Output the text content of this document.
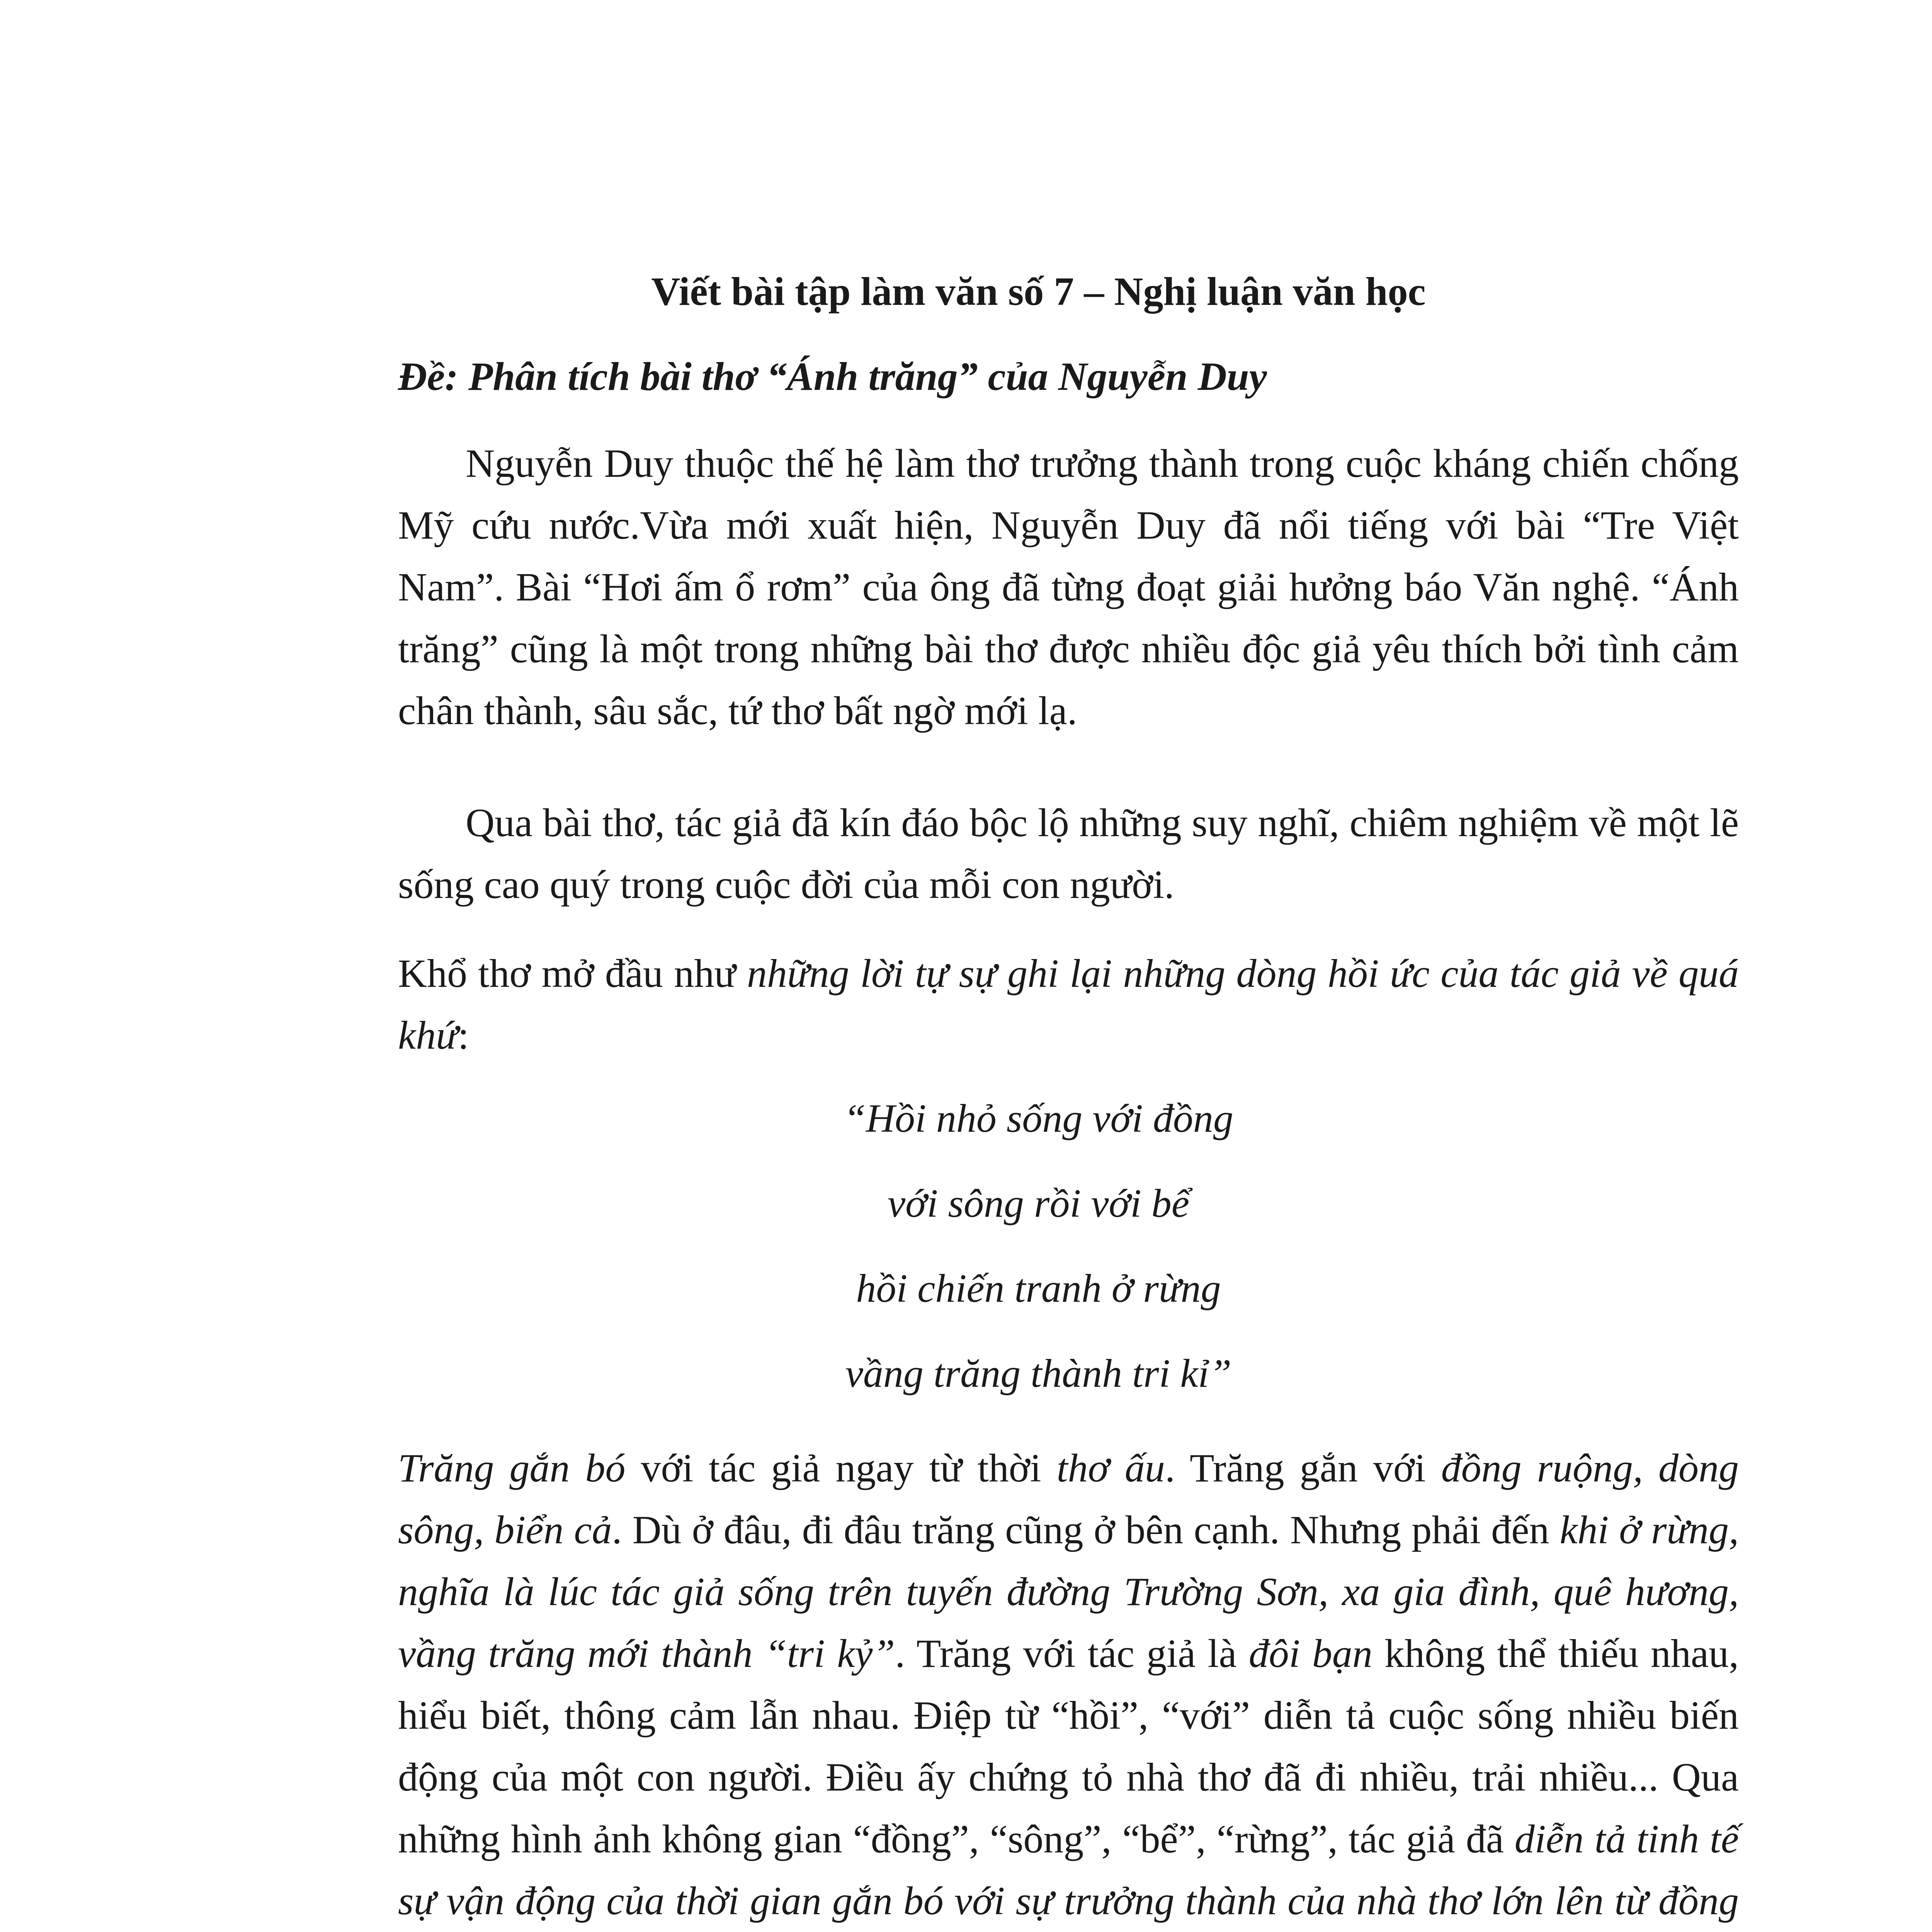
Viết bài tập làm văn số 7 – Nghị luận văn học
Đề: Phân tích bài thơ “Ánh trăng” của Nguyễn Duy

Nguyễn Duy thuộc thế hệ làm thơ trưởng thành trong cuộc kháng chiến chống Mỹ cứu nước.Vừa mới xuất hiện, Nguyễn Duy đã nổi tiếng với bài “Tre Việt Nam”. Bài “Hơi ấm ổ rơm” của ông đã từng đoạt giải hưởng báo Văn nghệ. “Ánh trăng” cũng là một trong những bài thơ được nhiều độc giả yêu thích bởi tình cảm chân thành, sâu sắc, tứ thơ bất ngờ mới lạ.

Qua bài thơ, tác giả đã kín đáo bộc lộ những suy nghĩ, chiêm nghiệm về một lẽ sống cao quý trong cuộc đời của mỗi con người.

Khổ thơ mở đầu như những lời tự sự ghi lại những dòng hồi ức của tác giả về quá khứ:

“Hồi nhỏ sống với đồng
với sông rồi với bể
hồi chiến tranh ở rừng
vầng trăng thành tri kỉ”

Trăng gắn bó với tác giả ngay từ thời thơ ấu. Trăng gắn với đồng ruộng, dòng sông, biển cả. Dù ở đâu, đi đâu trăng cũng ở bên cạnh. Nhưng phải đến khi ở rừng, nghĩa là lúc tác giả sống trên tuyến đường Trường Sơn, xa gia đình, quê hương, vầng trăng mới thành “tri kỷ”. Trăng với tác giả là đôi bạn không thể thiếu nhau, hiểu biết, thông cảm lẫn nhau. Điệp từ “hồi”, “với” diễn tả cuộc sống nhiều biến động của một con người. Điều ấy chứng tỏ nhà thơ đã đi nhiều, trải nhiều... Qua những hình ảnh không gian “đồng”, “sông”, “bể”, “rừng”, tác giả đã diễn tả tinh tế sự vận động của thời gian gắn bó với sự trưởng thành của nhà thơ lớn lên từ đồng
